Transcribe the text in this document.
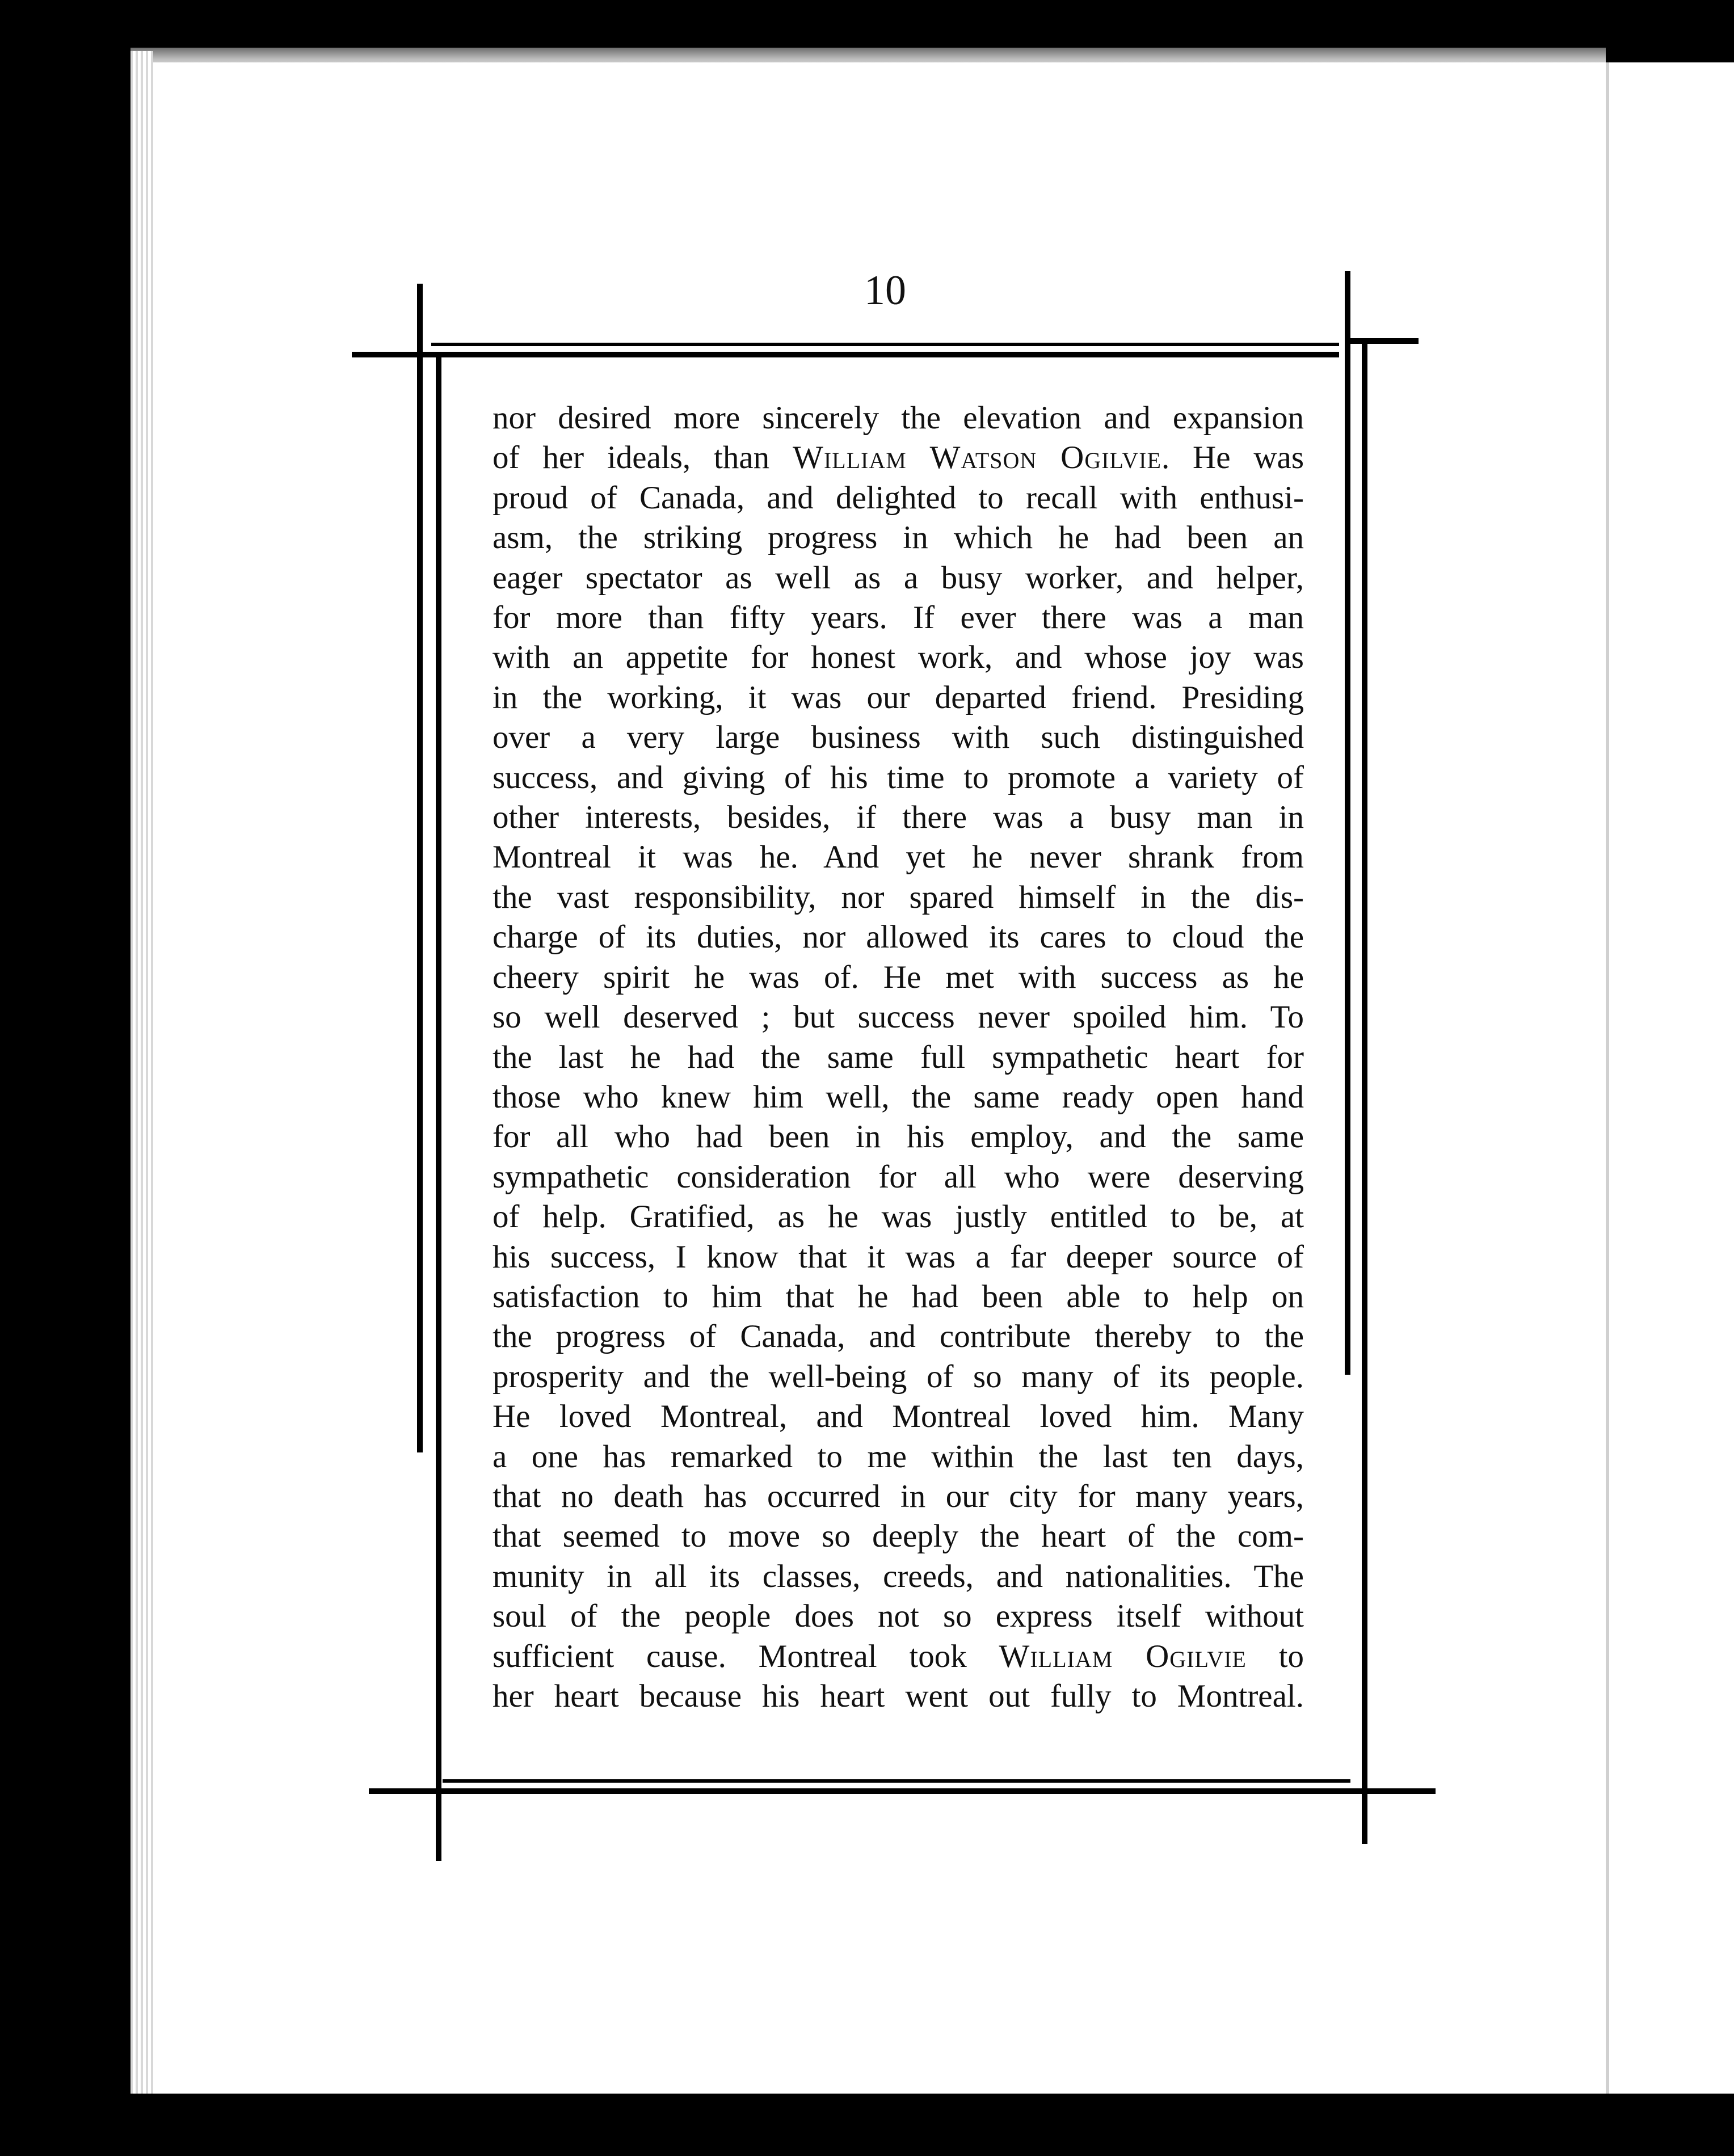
10
nor desired more sincerely the elevation and expansion
of her ideals, than William Watson Ogilvie. He was
proud of Canada, and delighted to recall with enthusi-
asm, the striking progress in which he had been an
eager spectator as well as a busy worker, and helper,
for more than fifty years. If ever there was a man
with an appetite for honest work, and whose joy was
in the working, it was our departed friend. Presiding
over a very large business with such distinguished
success, and giving of his time to promote a variety of
other interests, besides, if there was a busy man in
Montreal it was he. And yet he never shrank from
the vast responsibility, nor spared himself in the dis-
charge of its duties, nor allowed its cares to cloud the
cheery spirit he was of. He met with success as he
so well deserved ; but success never spoiled him. To
the last he had the same full sympathetic heart for
those who knew him well, the same ready open hand
for all who had been in his employ, and the same
sympathetic consideration for all who were deserving
of help. Gratified, as he was justly entitled to be, at
his success, I know that it was a far deeper source of
satisfaction to him that he had been able to help on
the progress of Canada, and contribute thereby to the
prosperity and the well-being of so many of its people.
He loved Montreal, and Montreal loved him. Many
a one has remarked to me within the last ten days,
that no death has occurred in our city for many years,
that seemed to move so deeply the heart of the com-
munity in all its classes, creeds, and nationalities. The
soul of the people does not so express itself without
sufficient cause. Montreal took William Ogilvie to
her heart because his heart went out fully to Montreal.
